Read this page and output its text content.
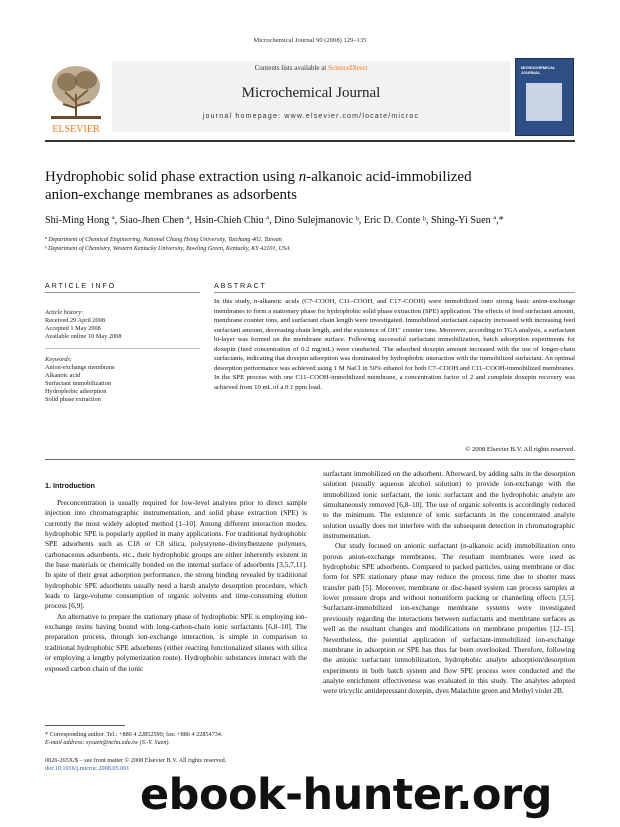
Microchemical Journal 90 (2008) 129–135
ELSEVIER
Contents lists available at ScienceDirect
Microchemical Journal
journal homepage: www.elsevier.com/locate/microc
MICROCHEMICAL JOURNAL
Hydrophobic solid phase extraction using n-alkanoic acid-immobilized
anion-exchange membranes as adsorbents
Shi-Ming Hong ª, Siao-Jhen Chen ª, Hsin-Chieh Chiu ª, Dino Sulejmanovic ᵇ, Eric D. Conte ᵇ, Shing-Yi Suen ª,*
ª Department of Chemical Engineering, National Chung Hsing University, Taichung 402, Taiwan
ᵇ Department of Chemistry, Western Kentucky University, Bowling Green, Kentucky, KY 42101, USA
ARTICLE INFO
Article history:
Received 29 April 2008
Accepted 1 May 2008
Available online 10 May 2008
Keywords:
Anion-exchange membrane
Alkanoic acid
Surfactant immobilization
Hydrophobic adsorption
Solid phase extraction
ABSTRACT
In this study, n-alkanoic acids (C7–COOH, C11–COOH, and C17–COOH) were immobilized onto strong basic anion-exchange membranes to form a stationary phase for hydrophobic solid phase extraction (SPE) application. The effects of feed surfactant amount, membrane counter ions, and surfactant chain length were investigated. Immobilized surfactant capacity increased with increasing feed surfactant amount, decreasing chain length, and the existence of OH⁻ counter ions. Moreover, according to TGA analysis, a surfactant bi-layer was formed on the membrane surface. Following successful surfactant immobilization, batch adsorption experiments for doxepin (feed concentration of 0.2 mg/mL) were conducted. The adsorbed doxepin amount increased with the use of longer-chain surfactants, indicating that doxepin adsorption was dominated by hydrophobic interaction with the immobilized surfactant. An optimal desorption performance was achieved using 1 M NaCl in 50% ethanol for both C7–COOH and C11–COOH-immobilized membranes. In the SPE process with one C11–COOH-immobilized membrane, a concentration factor of 2 and complete doxepin recovery was achieved from 10 mL of a 0.1 ppm load.
© 2008 Elsevier B.V. All rights reserved.
1. Introduction

Preconcentration is usually required for low-level analytes prior to direct sample injection into chromatographic instrumentation, and solid phase extraction (SPE) is currently the most widely adopted method [1–10]. Among different interaction modes, hydrophobic SPE is popularly applied in many applications. For traditional hydrophobic SPE adsorbents such as C18 or C8 silica, polystyrene–divinylbenzene polymers, carbonaceous adsorbents, etc., their hydrophobic groups are either inherently existent in the base materials or chemically bonded on the internal surface of adsorbents [3,5,7,11]. In spite of their great adsorption performance, the strong binding revealed by traditional hydrophobic SPE adsorbents usually need a harsh analyte desorption procedure, which leads to large-volume consumption of organic solvents and time-consuming elution process [6,9].

An alternative to prepare the stationary phase of hydrophobic SPE is employing ion-exchange resins having bound with long-carbon-chain ionic surfactants [6,8–10]. The preparation process, through ion-exchange interaction, is simple in comparison to traditional hydrophobic SPE adsorbents (either reacting functionalized silanes with silica or employing a lengthy polymerization route). Hydrophobic substances interact with the exposed carbon chain of the ionic

surfactant immobilized on the adsorbent. Afterward, by adding salts in the desorption solution (usually aqueous alcohol solution) to provide ion-exchange with the immobilized ionic surfactant, the ionic surfactant and the hydrophobic analyte are simultaneously removed [6,8–10]. The use of organic solvents is accordingly reduced to the minimum. The existence of ionic surfactants in the concentrated analyte solution usually does not interfere with the subsequent detection in chromatographic instrumentation.

Our study focused on anionic surfactant (n-alkanoic acid) immobilization onto porous anion-exchange membranes. The resultant membranes were used as hydrophobic SPE adsorbents. Compared to packed particles, using membrane or disc form for SPE stationary phase may reduce the process time due to shorter mass transfer path [5]. Moreover, membrane or disc-based system can process samples at lower pressure drops and without nonuniform packing or channeling effects [3,5]. Surfactant-immobilized ion-exchange membrane systems were investigated previously regarding the interactions between surfactants and membrane surfaces as well as the resultant changes and modifications on membrane properties [12–15]. Nevertheless, the potential application of surfactant-immobilized ion-exchange membrane in adsorption or SPE has thus far been overlooked. Therefore, following the anionic surfactant immobilization, hydrophobic analyte adsorption/desorption experiments in both batch system and flow SPE process were conducted and the analyte enrichment effectiveness was evaluated in this study. The analytes adopted were tricyclic antidepressant doxepin, dyes Malachite green and Methyl violet 2B.

* Corresponding author. Tel.: +886 4 22852590; fax: +886 4 22854734.
E-mail address: sysuen@nchu.edu.tw (S.-Y. Suen).
0026-265X/$ – see front matter © 2008 Elsevier B.V. All rights reserved.
doi:10.1016/j.microc.2008.05.001
ebook-hunter.org
